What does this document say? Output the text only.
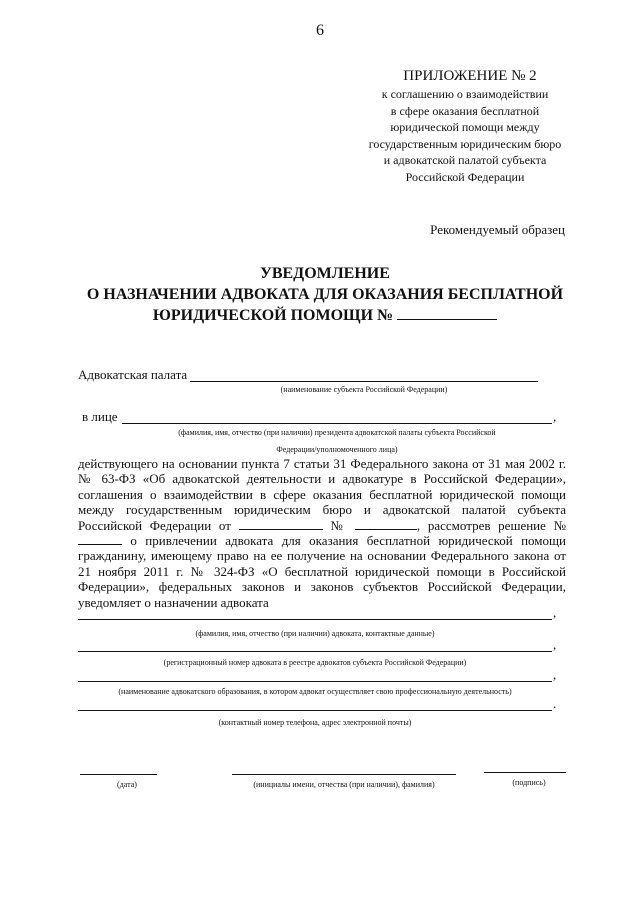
6
ПРИЛОЖЕНИЕ № 2
к соглашению о взаимодействии
в сфере оказания бесплатной
юридической помощи между
государственным юридическим бюро
и адвокатской палатой субъекта
Российской Федерации
Рекомендуемый образец
УВЕДОМЛЕНИЕ
О НАЗНАЧЕНИИ АДВОКАТА ДЛЯ ОКАЗАНИЯ БЕСПЛАТНОЙ
ЮРИДИЧЕСКОЙ ПОМОЩИ №
Адвокатская палата
(наименование субъекта Российской Федерации)
в лице	,
(фамилия, имя, отчество (при наличии) президента адвокатской палаты субъекта Российской
Федерации/уполномоченного лица)
действующего на основании пункта 7 статьи 31 Федерального закона от 31 мая 2002 г. № 63-ФЗ «Об адвокатской деятельности и адвокатуре в Российской Федерации», соглашения о взаимодействии в сфере оказания бесплатной юридической помощи между государственным юридическим бюро и адвокатской палатой субъекта Российской Федерации от	№	, рассмотрев решение №  о привлечении адвоката для оказания бесплатной юридической помощи гражданину, имеющему право на ее получение на основании Федерального закона от 21 ноября 2011 г. № 324-ФЗ «О бесплатной юридической помощи в Российской Федерации», федеральных законов и законов субъектов Российской Федерации, уведомляет о назначении адвоката
,
(фамилия, имя, отчество (при наличии) адвоката, контактные данные)
,
(регистрационный номер адвоката в реестре адвокатов субъекта Российской Федерации)
,
(наименование адвокатского образования, в котором адвокат осуществляет свою профессиональную деятельность)
.
(контактный номер телефона, адрес электронной почты)
(дата)	(инициалы имени, отчества (при наличии), фамилия)	(подпись)
